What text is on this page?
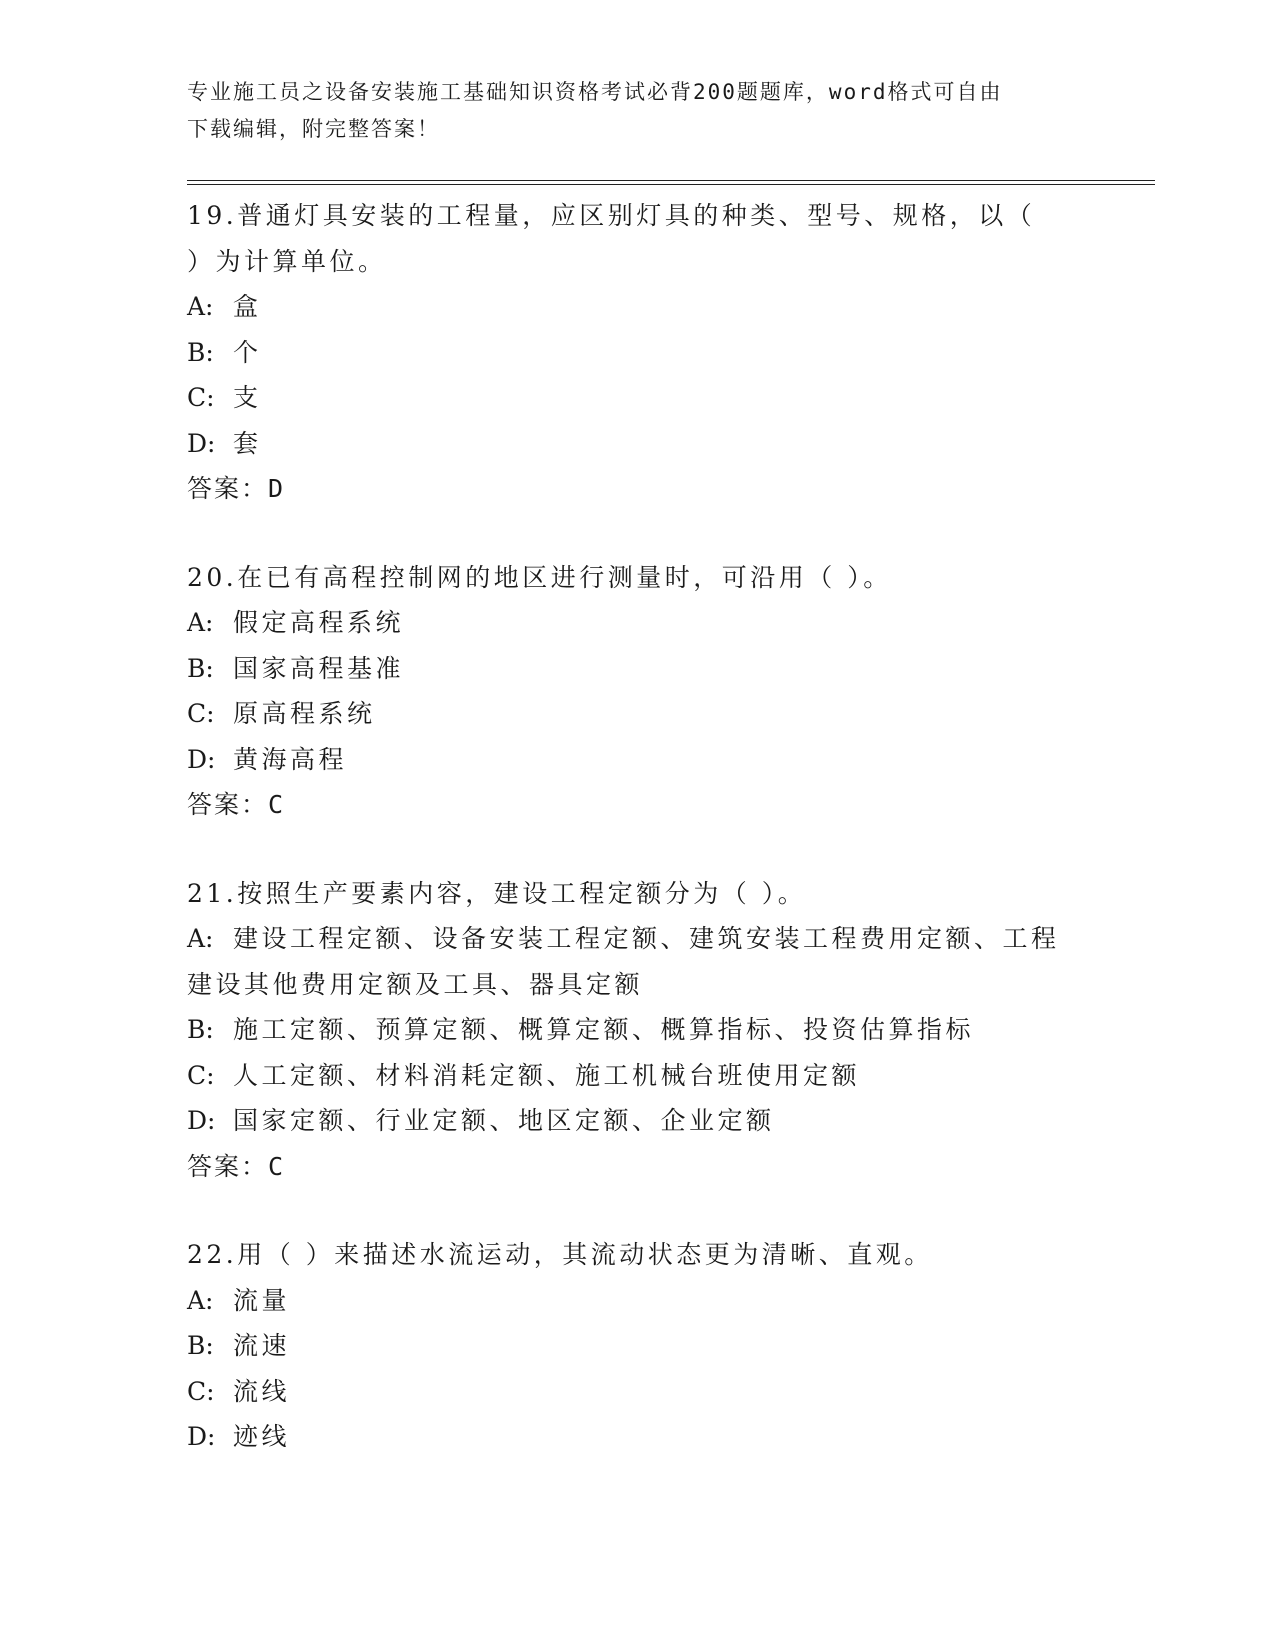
专业施工员之设备安装施工基础知识资格考试必背200题题库，word格式可自由
下载编辑，附完整答案！
19.普通灯具安装的工程量，应区别灯具的种类、型号、规格，以（
）为计算单位。
A: 盒
B: 个
C: 支
D: 套
答案：D
20.在已有高程控制网的地区进行测量时，可沿用（ ）。
A: 假定高程系统
B: 国家高程基准
C: 原高程系统
D: 黄海高程
答案：C
21.按照生产要素内容，建设工程定额分为（ ）。
A: 建设工程定额、设备安装工程定额、建筑安装工程费用定额、工程
建设其他费用定额及工具、器具定额
B: 施工定额、预算定额、概算定额、概算指标、投资估算指标
C: 人工定额、材料消耗定额、施工机械台班使用定额
D: 国家定额、行业定额、地区定额、企业定额
答案：C
22.用（ ）来描述水流运动，其流动状态更为清晰、直观。
A: 流量
B: 流速
C: 流线
D: 迹线
